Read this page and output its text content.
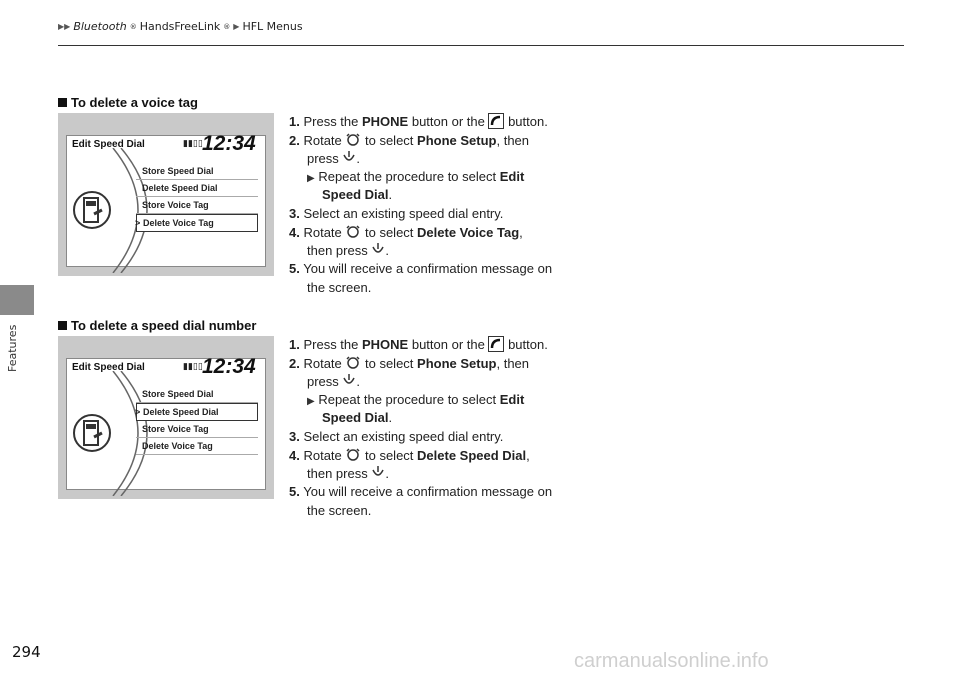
Features
▶▶ Bluetooth ® HandsFreeLink ® ▶ HFL Menus
To delete a voice tag
Edit Speed Dial	▮▮▯▯ 12:34
Store Speed Dial
Delete Speed Dial
Store Voice Tag
> Delete Voice Tag
1. Press the PHONE button or the  button.
2. Rotate  to select Phone Setup, then
press .
▶ Repeat the procedure to select Edit
Speed Dial.
3. Select an existing speed dial entry.
4. Rotate  to select Delete Voice Tag,
then press .
5. You will receive a confirmation message on
the screen.
To delete a speed dial number
Edit Speed Dial	▮▮▯▯ 12:34
Store Speed Dial
> Delete Speed Dial
Store Voice Tag
Delete Voice Tag
1. Press the PHONE button or the  button.
2. Rotate  to select Phone Setup, then
press .
▶ Repeat the procedure to select Edit
Speed Dial.
3. Select an existing speed dial entry.
4. Rotate  to select Delete Speed Dial,
then press .
5. You will receive a confirmation message on
the screen.
294	carmanualsonline.info
